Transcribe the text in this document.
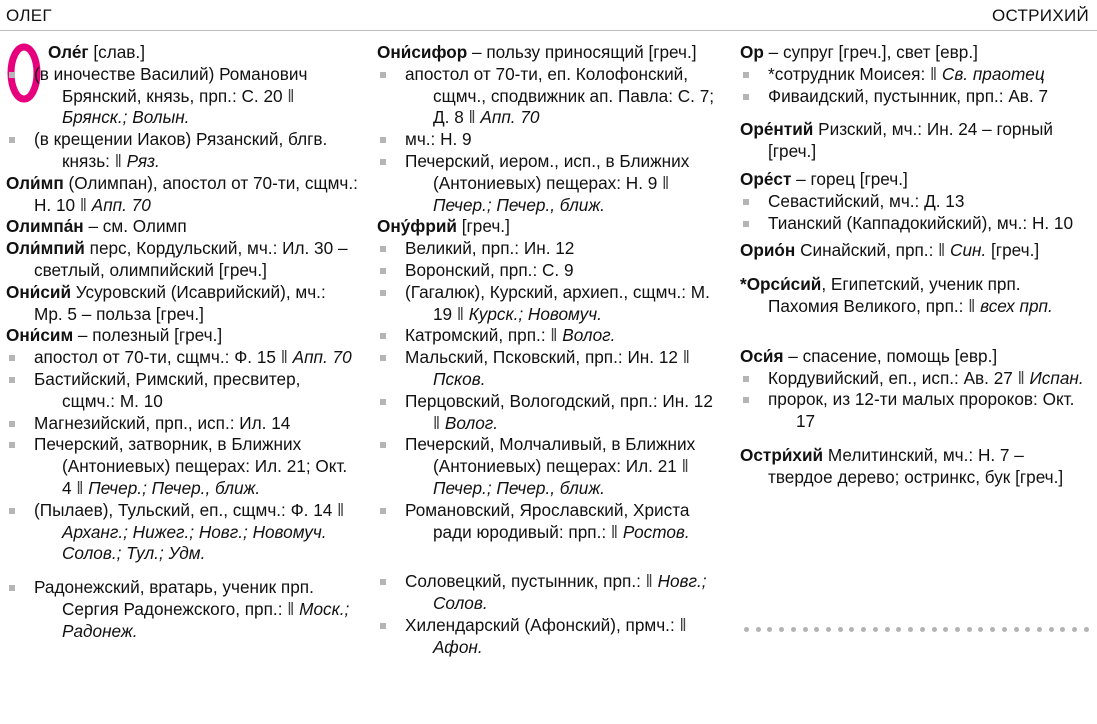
ОЛЕГ	ОСТРИХИЙ
Оле́г [слав.]
(в иночестве Василий) Романович Брянский, князь, прп.: С. 20 ‖ Брянск.; Волын.
(в крещении Иаков) Рязанский, блгв. князь: ‖ Ряз.
Оли́мп (Олимпан), апостол от 70-ти, сщмч.: Н. 10 ‖ Апп. 70
Олимпа́н – см. Олимп
Оли́мпий перс, Кордульский, мч.: Ил. 30 – светлый, олимпийский [греч.]
Они́сий Усуровский (Исаврийский), мч.: Мр. 5 – польза [греч.]
Они́сим – полезный [греч.]
апостол от 70-ти, сщмч.: Ф. 15 ‖ Апп. 70
Бастийский, Римский, пресвитер, сщмч.: М. 10
Магнезийский, прп., исп.: Ил. 14
Печерский, затворник, в Ближних (Антониевых) пещерах: Ил. 21; Окт. 4 ‖ Печер.; Печер., ближ.
(Пылаев), Тульский, еп., сщмч.: Ф. 14 ‖ Арханг.; Нижег.; Новг.; Новомуч. Солов.; Тул.; Удм.
Радонежский, вратарь, ученик прп. Сергия Радонежского, прп.: ‖ Моск.; Радонеж.
Они́сифор – пользу приносящий [греч.]
апостол от 70-ти, еп. Колофонский, сщмч., сподвижник ап. Павла: С. 7; Д. 8 ‖ Апп. 70
мч.: Н. 9
Печерский, иером., исп., в Ближних (Антониевых) пещерах: Н. 9 ‖ Печер.; Печер., ближ.
Ону́фрий [греч.]
Великий, прп.: Ин. 12
Воронский, прп.: С. 9
(Гагалюк), Курский, архиеп., сщмч.: М. 19 ‖ Курск.; Новомуч.
Катромский, прп.: ‖ Волог.
Мальский, Псковский, прп.: Ин. 12 ‖ Псков.
Перцовский, Вологодский, прп.: Ин. 12 ‖ Волог.
Печерский, Молчаливый, в Ближних (Антониевых) пещерах: Ил. 21 ‖ Печер.; Печер., ближ.
Романовский, Ярославский, Христа ради юродивый: прп.: ‖ Ростов.
Соловецкий, пустынник, прп.: ‖ Новг.; Солов.
Хилендарский (Афонский), прмч.: ‖ Афон.
Ор – супруг [греч.], свет [евр.]
*сотрудник Моисея: ‖ Св. праотец
Фиваидский, пустынник, прп.: Ав. 7
Оре́нтий Ризский, мч.: Ин. 24 – горный [греч.]
Оре́ст – горец [греч.]
Севастийский, мч.: Д. 13
Тианский (Каппадокийский), мч.: Н. 10
Орио́н Синайский, прп.: ‖ Син. [греч.]
*Орси́сий, Египетский, ученик прп. Пахомия Великого, прп.: ‖ всех прп.
Оси́я – спасение, помощь [евр.]
Кордувийский, еп., исп.: Ав. 27 ‖ Испан.
пророк, из 12-ти малых пророков: Окт. 17
Остри́хий Мелитинский, мч.: Н. 7 – твердое дерево; остринкс, бук [греч.]
